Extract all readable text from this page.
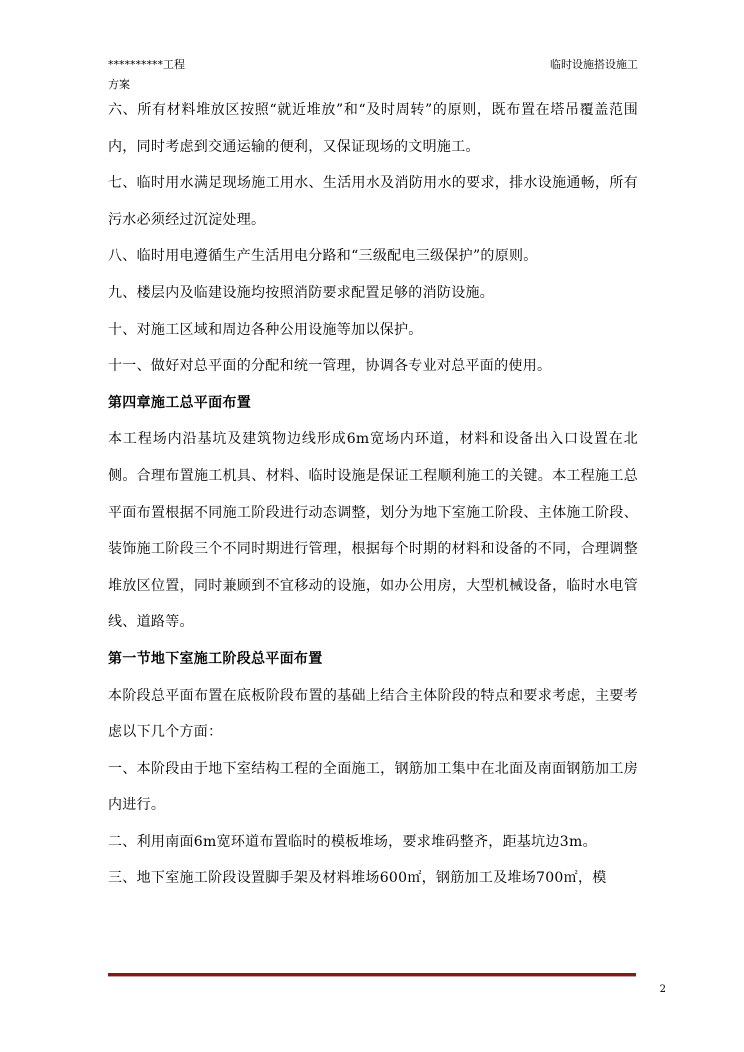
**********工程	临时设施搭设施工
方案

六、所有材料堆放区按照“就近堆放”和“及时周转”的原则，既布置在塔吊覆盖范围内，同时考虑到交通运输的便利，又保证现场的文明施工。

七、临时用水满足现场施工用水、生活用水及消防用水的要求，排水设施通畅，所有污水必须经过沉淀处理。

八、临时用电遵循生产生活用电分路和“三级配电三级保护”的原则。

九、楼层内及临建设施均按照消防要求配置足够的消防设施。

十、对施工区域和周边各种公用设施等加以保护。

十一、做好对总平面的分配和统一管理，协调各专业对总平面的使用。

第四章施工总平面布置

本工程场内沿基坑及建筑物边线形成6m宽场内环道，材料和设备出入口设置在北侧。合理布置施工机具、材料、临时设施是保证工程顺利施工的关键。本工程施工总平面布置根据不同施工阶段进行动态调整，划分为地下室施工阶段、主体施工阶段、装饰施工阶段三个不同时期进行管理，根据每个时期的材料和设备的不同，合理调整堆放区位置，同时兼顾到不宜移动的设施，如办公用房，大型机械设备，临时水电管线、道路等。

第一节地下室施工阶段总平面布置

本阶段总平面布置在底板阶段布置的基础上结合主体阶段的特点和要求考虑，主要考虑以下几个方面：

一、本阶段由于地下室结构工程的全面施工，钢筋加工集中在北面及南面钢筋加工房内进行。

二、利用南面6m宽环道布置临时的模板堆场，要求堆码整齐，距基坑边3m。

三、地下室施工阶段设置脚手架及材料堆场600㎡，钢筋加工及堆场700㎡，模

2
